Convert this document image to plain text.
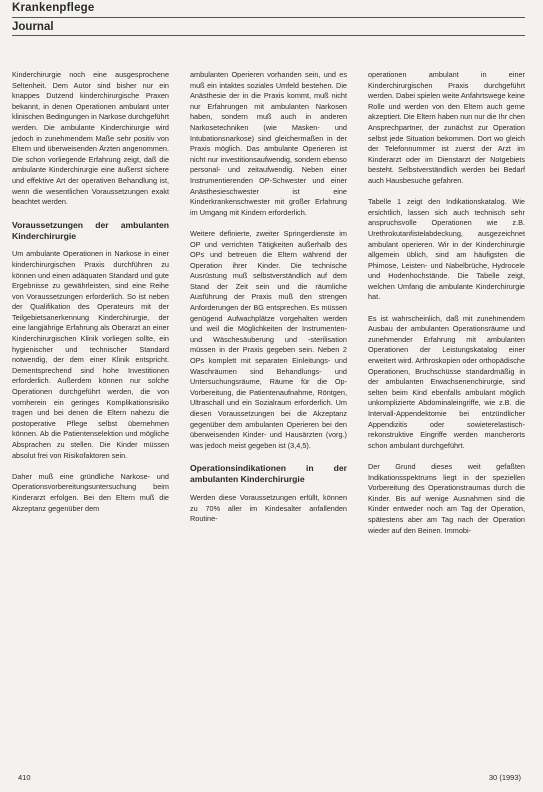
Krankenpflege
Journal

Kinderchirurgie noch eine ausgesprochene Seltenheit. Dem Autor sind bisher nur ein knappes Dutzend kinderchirurgische Praxen bekannt, in denen Operationen ambulant unter klinischen Bedingungen in Narkose durchgeführt werden. Die ambulante Kinderchirurgie wird jedoch in zunehmendem Maße sehr positiv von Eltern und überweisenden Ärzten angenommen. Die schon vorliegende Erfahrung zeigt, daß die ambulante Kinderchirurgie eine äußerst sichere und effektive Art der operativen Behandlung ist, wenn die wesentlichen Voraussetzungen exakt beachtet werden.

Voraussetzungen der ambulanten Kinderchirurgie

Um ambulante Operationen in Narkose in einer kinderchirurgischen Praxis durchführen zu können und einen adäquaten Standard und gute Ergebnisse zu gewährleisten, sind eine Reihe von Voraussetzungen erforderlich. So ist neben der Qualifikation des Operateurs mit der Teilgebietsanerkennung Kinderchirurgie, der eine langjährige Erfahrung als Oberarzt an einer Kinderchirurgischen Klinik vorliegen sollte, ein hygienischer und technischer Standard notwendig, der dem einer Klinik entspricht. Dementsprechend sind hohe Investitionen erforderlich. Außerdem können nur solche Operationen durchgeführt werden, die von vornherein ein geringes Komplikationsrisiko tragen und bei denen die Eltern nahezu die postoperative Pflege selbst übernehmen können. Ab die Patientenselektion und mögliche Absprachen zu stellen. Die Kinder müssen absolut frei von Risikofaktoren sein.

Daher muß eine gründliche Narkose- und Operationsvorbereitungsuntersuchung beim Kinderarzt erfolgen. Bei den Eltern muß die Akzeptanz gegenüber dem

ambulanten Operieren vorhanden sein, und es muß ein intaktes soziales Umfeld bestehen. Die Anästhesie der in die Praxis kommt, muß nicht nur Erfahrungen mit ambulanten Narkosen haben, sondern muß auch in anderen Narkosetechniken (wie Masken- und Intubationsnarkose) sind gleichermaßen in der Praxis möglich. Das ambulante Operieren ist nicht nur investitionsaufwendig, sondern ebenso personal- und zeitaufwendig. Neben einer Instrumentierenden OP-Schwester und einer Anästhesieschwester ist eine Kinderkrankenschwester mit großer Erfahrung im Umgang mit Kindern erforderlich.

Weitere definierte, zweiter Springerdienste im OP und verrichten Tätigkeiten außerhalb des OPs und betreuen die Eltern während der Operation ihrer Kinder. Die technische Ausrüstung muß selbstverständlich auf dem Stand der Zeit sein und die räumliche Ausführung der Praxis muß den strengen Anforderungen der BG entsprechen. Es müssen genügend Aufwachplätze vorgehalten werden und weil die Möglichkeiten der Instrumenten- und Wäschesäuberung und -sterilisation müssen in der Praxis gegeben sein. Neben 2 OPs komplett mit separaten Einleitungs- und Waschräumen sind Behandlungs- und Untersuchungsräume, Räume für die Op-Vorbereitung, die Patientenaufnahme, Röntgen, Ultraschall und ein Sozialraum erforderlich. Um diesen Voraussetzungen bei die Akzeptanz gegenüber dem ambulanten Operieren bei den überweisenden Kinder- und Hausärzten (vorg.) was jedoch meist gegeben ist (3,4,5).

Operationsindikationen in der ambulanten Kinderchirurgie

Werden diese Voraussetzungen erfüllt, können zu 70% aller im Kindesalter anfallenden Routine-

operationen ambulant in einer Kinderchirurgischen Praxis durchgeführt werden. Dabei spielen weite Anfahrtswege keine Rolle und werden von den Eltern auch gerne akzeptiert. Die Eltern haben nun nur die Ihr chen Ansprechpartner, der zunächst zur Operation selbst jede Situation bekommen. Dort wo gleich der Telefonnummer ist zuerst der Arzt im Kinderarzt oder im Dienstarzt der Notgebiets besteht. Selbstverständlich werden bei Bedarf auch Hausbesuche gefahren.

Tabelle 1 zeigt den Indikationskatalog. Wie ersichtlich, lassen sich auch technisch sehr anspruchsvolle Operationen wie z.B. Urethrokutanfistelabdeckung, ausgezeichnet ambulant operieren. Wir in der Kinderchirurgie allgemein üblich, sind am häufigsten die Phimose, Leisten- und Nabelbrüche, Hydrocele und Hodenhochstände. Die Tabelle zeigt, welchen Umfang die ambulante Kinderchirurgie hat.

Es ist wahrscheinlich, daß mit zunehmendem Ausbau der ambulanten Operationsräume und zunehmender Erfahrung mit ambulanten Operationen der Leistungskatalog einer erweitert wird. Arthroskopien oder orthopädische Operationen, Bruchschüsse standardmäßig in der ambulanten Erwachsenenchirurgie, sind selten beim Kind ebenfalls ambulant möglich unkomplizierte Abdominaleingriffe, wie z.B. die Intervall-Appendektomie bei entzündlicher Appendizitis oder sowieterelastisch-rekonstruktive Eingriffe werden mancherorts schon ambulant durchgeführt.

Der Grund dieses weit gefaßten Indikationsspektrums liegt in der speziellen Vorbereitung des Operationstraumas durch die Kinder. Bis auf wenige Ausnahmen sind die Kinder entweder noch am Tag der Operation, spätestens aber am Tag nach der Operation wieder auf den Beinen. Immobi-

410	30 (1993)
